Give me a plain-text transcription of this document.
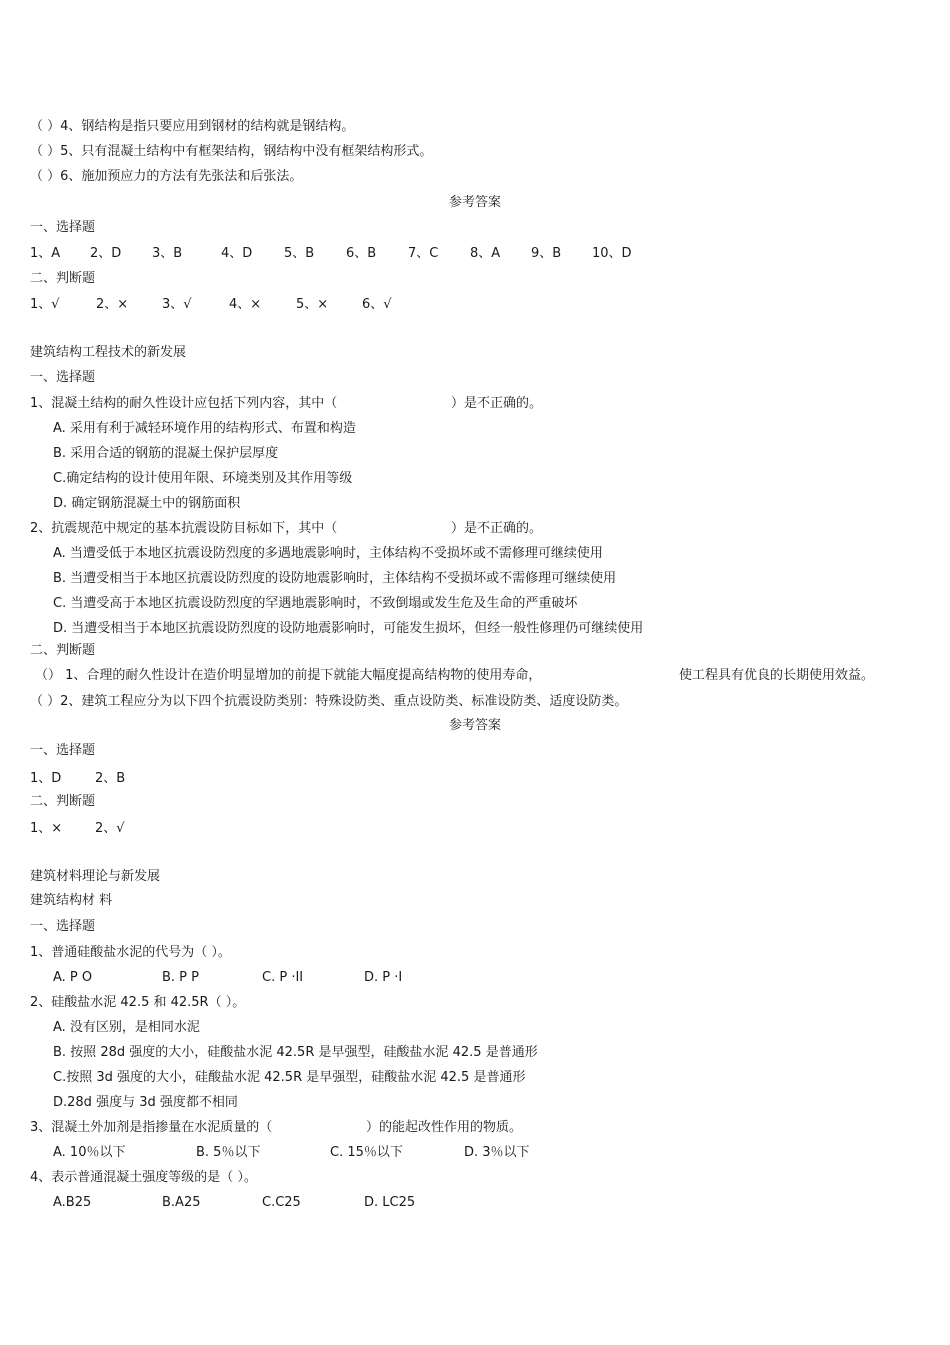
（ ）4、钢结构是指只要应用到钢材的结构就是钢结构。
（ ）5、只有混凝土结构中有框架结构，钢结构中没有框架结构形式。
（ ）6、施加预应力的方法有先张法和后张法。
参考答案
一、选择题
1、A 2、D 3、B	4、D 5、B 6、B 7、C 8、A 9、B 10、D
二、判断题
1、√	2、×	3、√	4、×	5、×	6、√
建筑结构工程技术的新发展
一、选择题
1、混凝土结构的耐久性设计应包括下列内容，其中（	）是不正确的。
A. 采用有利于减轻环境作用的结构形式、布置和构造
B. 采用合适的钢筋的混凝土保护层厚度
C.确定结构的设计使用年限、环境类别及其作用等级
D. 确定钢筋混凝土中的钢筋面积
2、抗震规范中规定的基本抗震设防目标如下，其中（	）是不正确的。
A. 当遭受低于本地区抗震设防烈度的多遇地震影响时，主体结构不受损坏或不需修理可继续使用
B. 当遭受相当于本地区抗震设防烈度的设防地震影响时，主体结构不受损坏或不需修理可继续使用
C. 当遭受高于本地区抗震设防烈度的罕遇地震影响时，不致倒塌或发生危及生命的严重破坏
D. 当遭受相当于本地区抗震设防烈度的设防地震影响时，可能发生损坏，但经一般性修理仍可继续使用
二、判断题
（） 1、合理的耐久性设计在造价明显增加的前提下就能大幅度提高结构物的使用寿命，	使工程具有优良的长期使用效益。
（ ）2、建筑工程应分为以下四个抗震设防类别：特殊设防类、重点设防类、标准设防类、适度设防类。
参考答案
一、选择题
1、D	2、B
二、判断题
1、×	2、√
建筑材料理论与新发展
建筑结构材 料
一、选择题
1、普通硅酸盐水泥的代号为（ ）。
A. P O	B. P P	C. P ·II	D. P ·I
2、硅酸盐水泥 42.5 和 42.5R（ ）。
A. 没有区别，是相同水泥
B. 按照 28d 强度的大小，硅酸盐水泥 42.5R 是早强型，硅酸盐水泥 42.5 是普通形
C.按照 3d 强度的大小，硅酸盐水泥 42.5R 是早强型，硅酸盐水泥 42.5 是普通形
D.28d 强度与 3d 强度都不相同
3、混凝土外加剂是指掺量在水泥质量的（	）的能起改性作用的物质。
A. 10％以下	B. 5％以下	C. 15％以下	D. 3％以下
4、表示普通混凝土强度等级的是（ ）。
A.B25	B.A25	C.C25	D. LC25
